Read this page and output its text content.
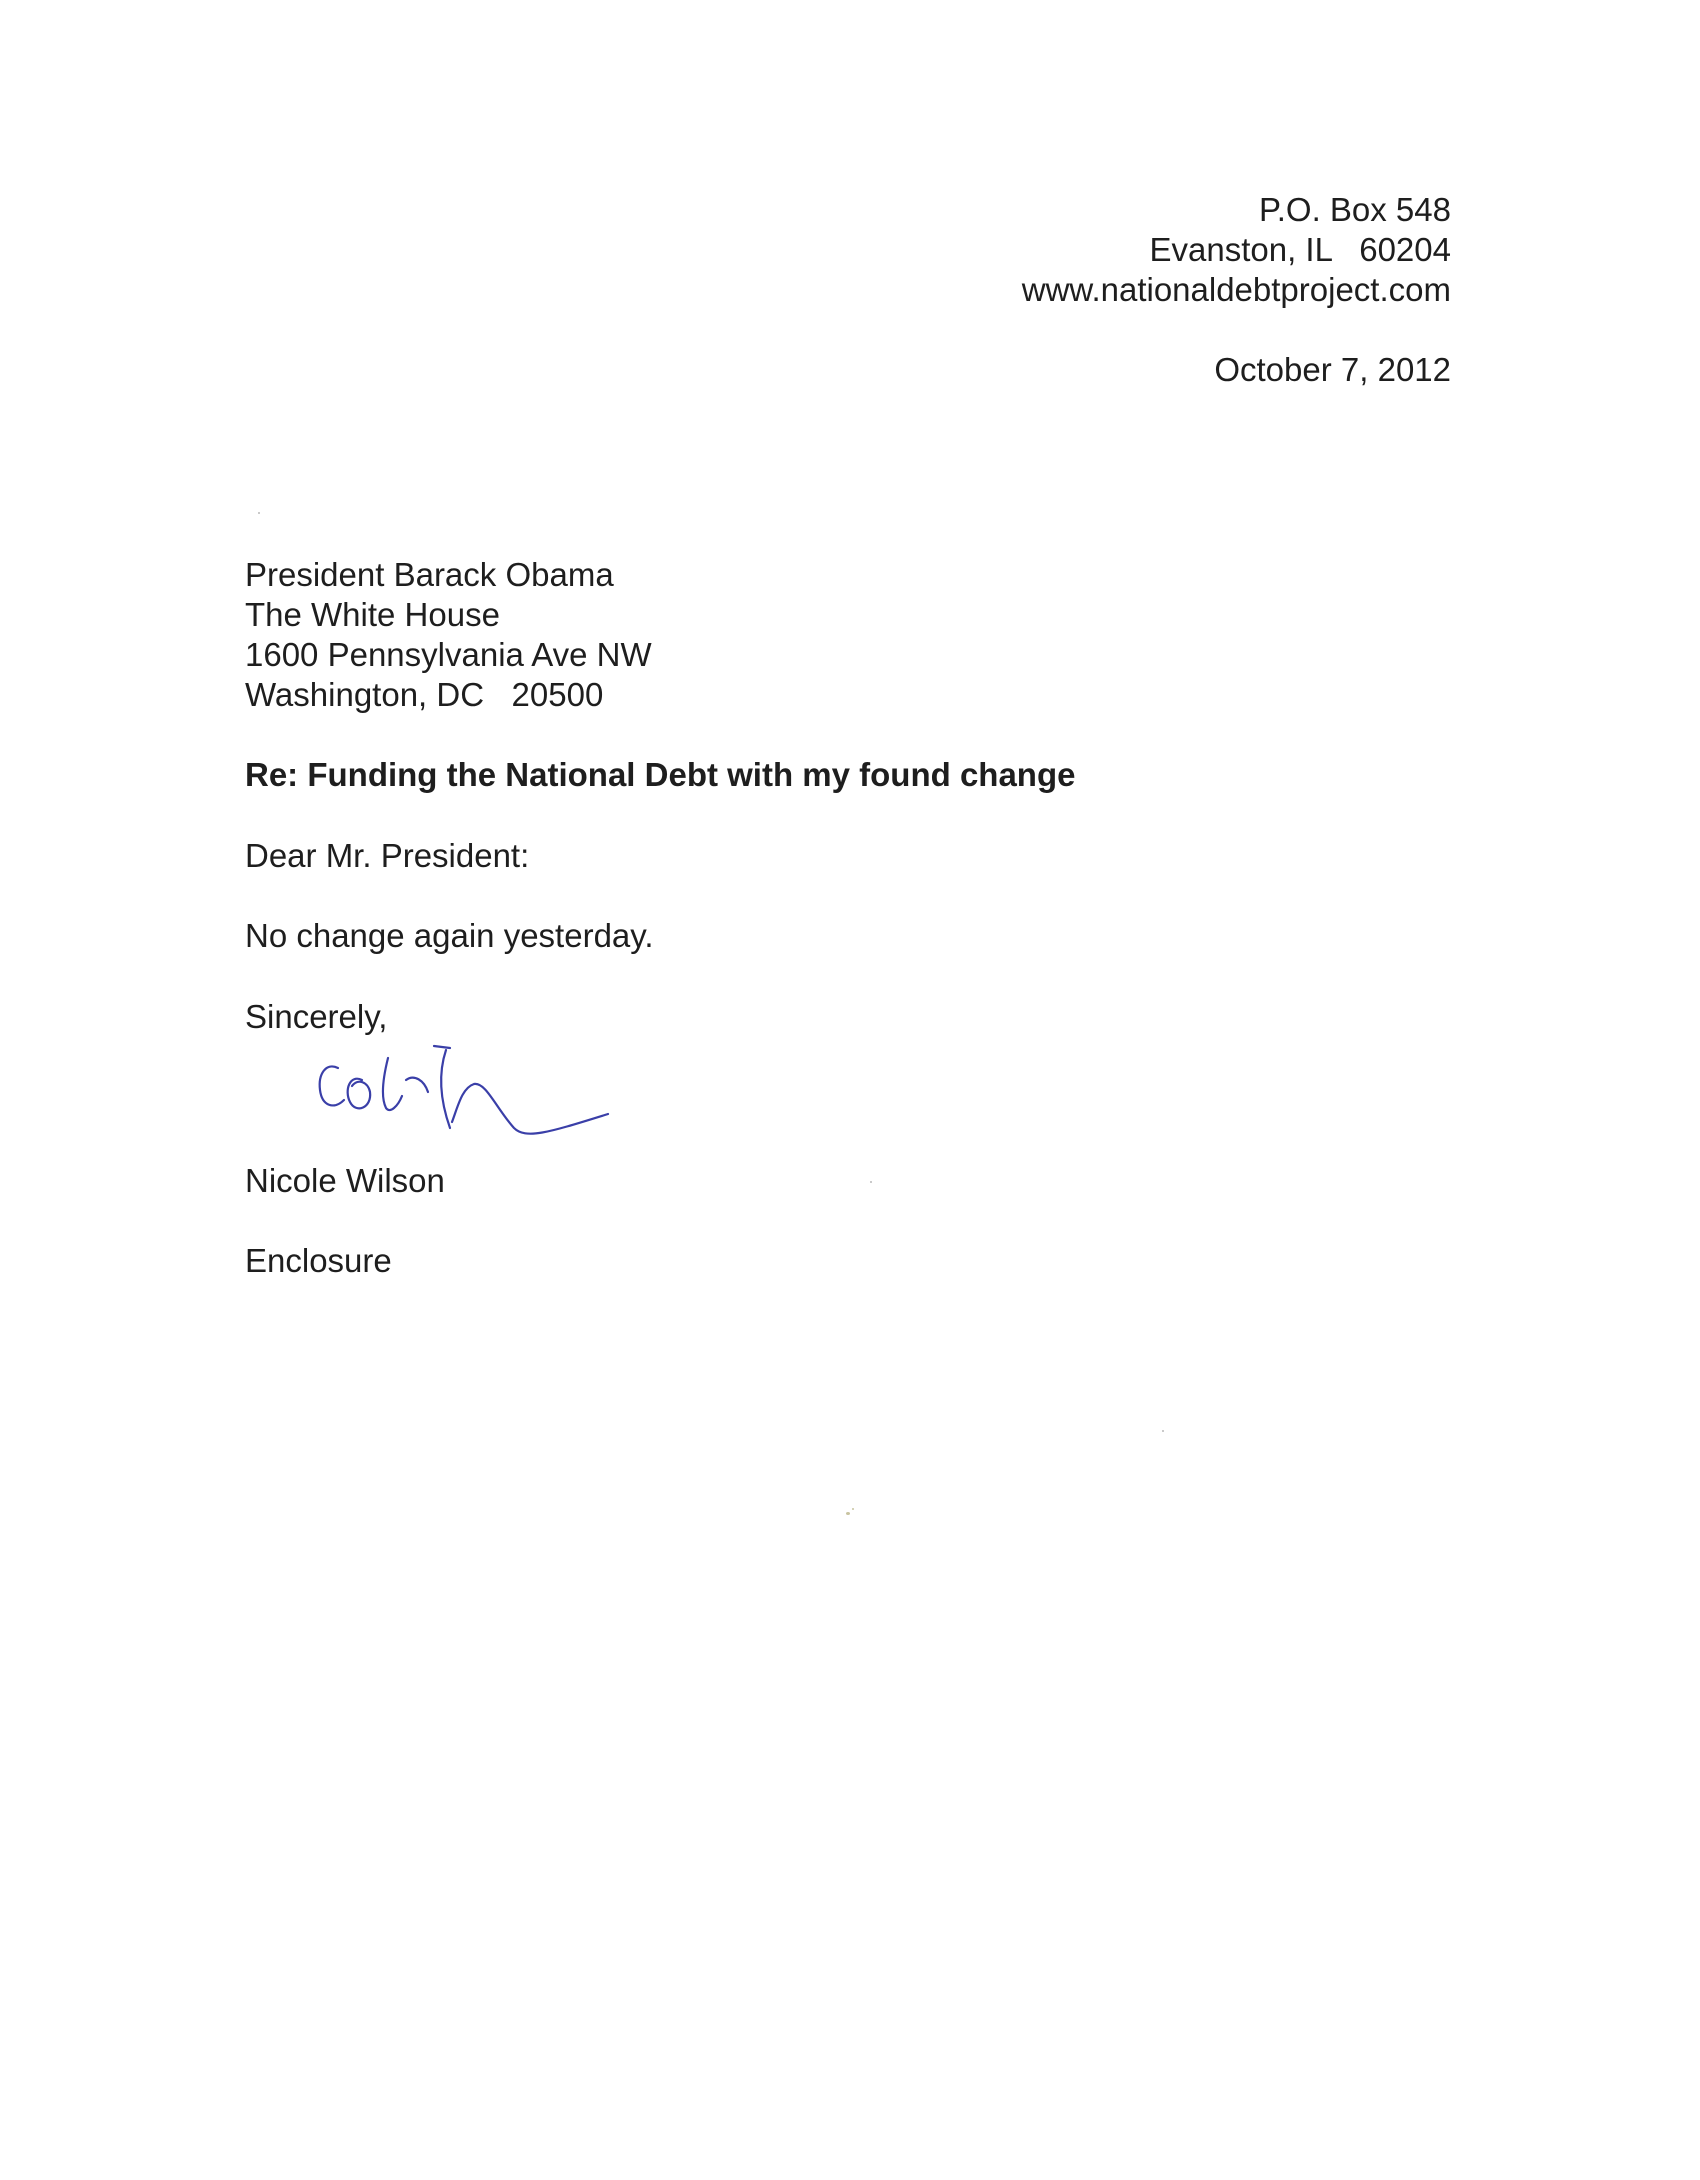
P.O. Box 548
Evanston, IL   60204
www.nationaldebtproject.com
October 7, 2012
President Barack Obama
The White House
1600 Pennsylvania Ave NW
Washington, DC   20500
Re: Funding the National Debt with my found change
Dear Mr. President:
No change again yesterday.
Sincerely,
Nicole Wilson
Enclosure
